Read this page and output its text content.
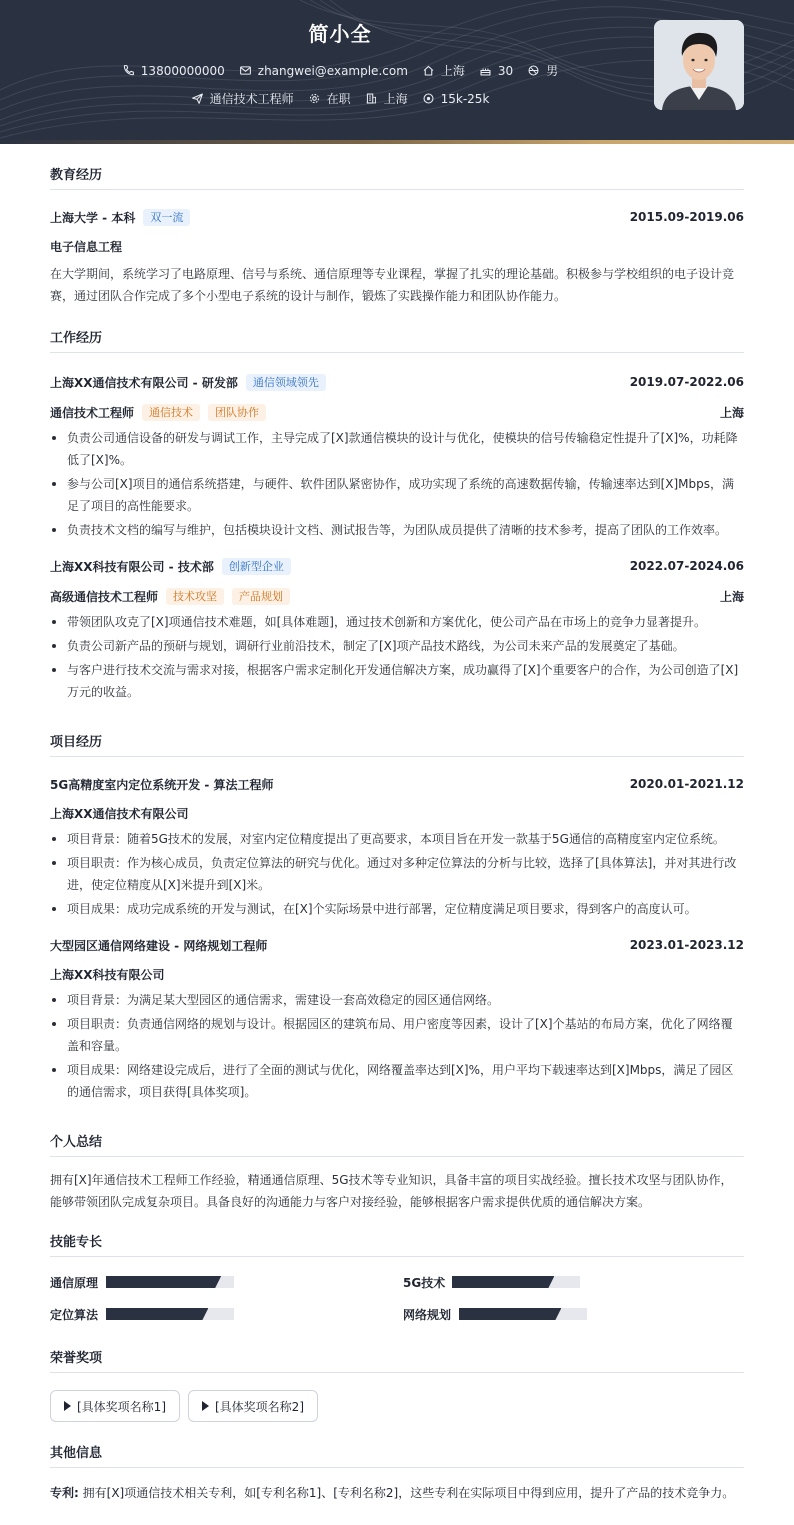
简小全
13800000000	zhangwei@example.com	上海	30	男
通信技术工程师	在职	上海	15k-25k
教育经历
上海大学 - 本科	双一流	2015.09-2019.06
电子信息工程
在大学期间，系统学习了电路原理、信号与系统、通信原理等专业课程，掌握了扎实的理论基础。积极参与学校组织的电子设计竞赛，通过团队合作完成了多个小型电子系统的设计与制作，锻炼了实践操作能力和团队协作能力。
工作经历
上海XX通信技术有限公司 - 研发部	通信领域领先	2019.07-2022.06
通信技术工程师	通信技术	团队协作	上海
负责公司通信设备的研发与调试工作，主导完成了[X]款通信模块的设计与优化，使模块的信号传输稳定性提升了[X]%，功耗降低了[X]%。
参与公司[X]项目的通信系统搭建，与硬件、软件团队紧密协作，成功实现了系统的高速数据传输，传输速率达到[X]Mbps，满足了项目的高性能要求。
负责技术文档的编写与维护，包括模块设计文档、测试报告等，为团队成员提供了清晰的技术参考，提高了团队的工作效率。
上海XX科技有限公司 - 技术部	创新型企业	2022.07-2024.06
高级通信技术工程师	技术攻坚	产品规划	上海
带领团队攻克了[X]项通信技术难题，如[具体难题]，通过技术创新和方案优化，使公司产品在市场上的竞争力显著提升。
负责公司新产品的预研与规划，调研行业前沿技术，制定了[X]项产品技术路线，为公司未来产品的发展奠定了基础。
与客户进行技术交流与需求对接，根据客户需求定制化开发通信解决方案，成功赢得了[X]个重要客户的合作，为公司创造了[X]万元的收益。
项目经历
5G高精度室内定位系统开发 - 算法工程师	2020.01-2021.12
上海XX通信技术有限公司
项目背景：随着5G技术的发展，对室内定位精度提出了更高要求，本项目旨在开发一款基于5G通信的高精度室内定位系统。
项目职责：作为核心成员，负责定位算法的研究与优化。通过对多种定位算法的分析与比较，选择了[具体算法]，并对其进行改进，使定位精度从[X]米提升到[X]米。
项目成果：成功完成系统的开发与测试，在[X]个实际场景中进行部署，定位精度满足项目要求，得到客户的高度认可。
大型园区通信网络建设 - 网络规划工程师	2023.01-2023.12
上海XX科技有限公司
项目背景：为满足某大型园区的通信需求，需建设一套高效稳定的园区通信网络。
项目职责：负责通信网络的规划与设计。根据园区的建筑布局、用户密度等因素，设计了[X]个基站的布局方案，优化了网络覆盖和容量。
项目成果：网络建设完成后，进行了全面的测试与优化，网络覆盖率达到[X]%，用户平均下载速率达到[X]Mbps，满足了园区的通信需求，项目获得[具体奖项]。
个人总结
拥有[X]年通信技术工程师工作经验，精通通信原理、5G技术等专业知识，具备丰富的项目实战经验。擅长技术攻坚与团队协作，能够带领团队完成复杂项目。具备良好的沟通能力与客户对接经验，能够根据客户需求提供优质的通信解决方案。
技能专长
通信原理	5G技术
定位算法	网络规划
荣誉奖项
[具体奖项名称1]	[具体奖项名称2]
其他信息
专利: 拥有[X]项通信技术相关专利，如[专利名称1]、[专利名称2]，这些专利在实际项目中得到应用，提升了产品的技术竞争力。
